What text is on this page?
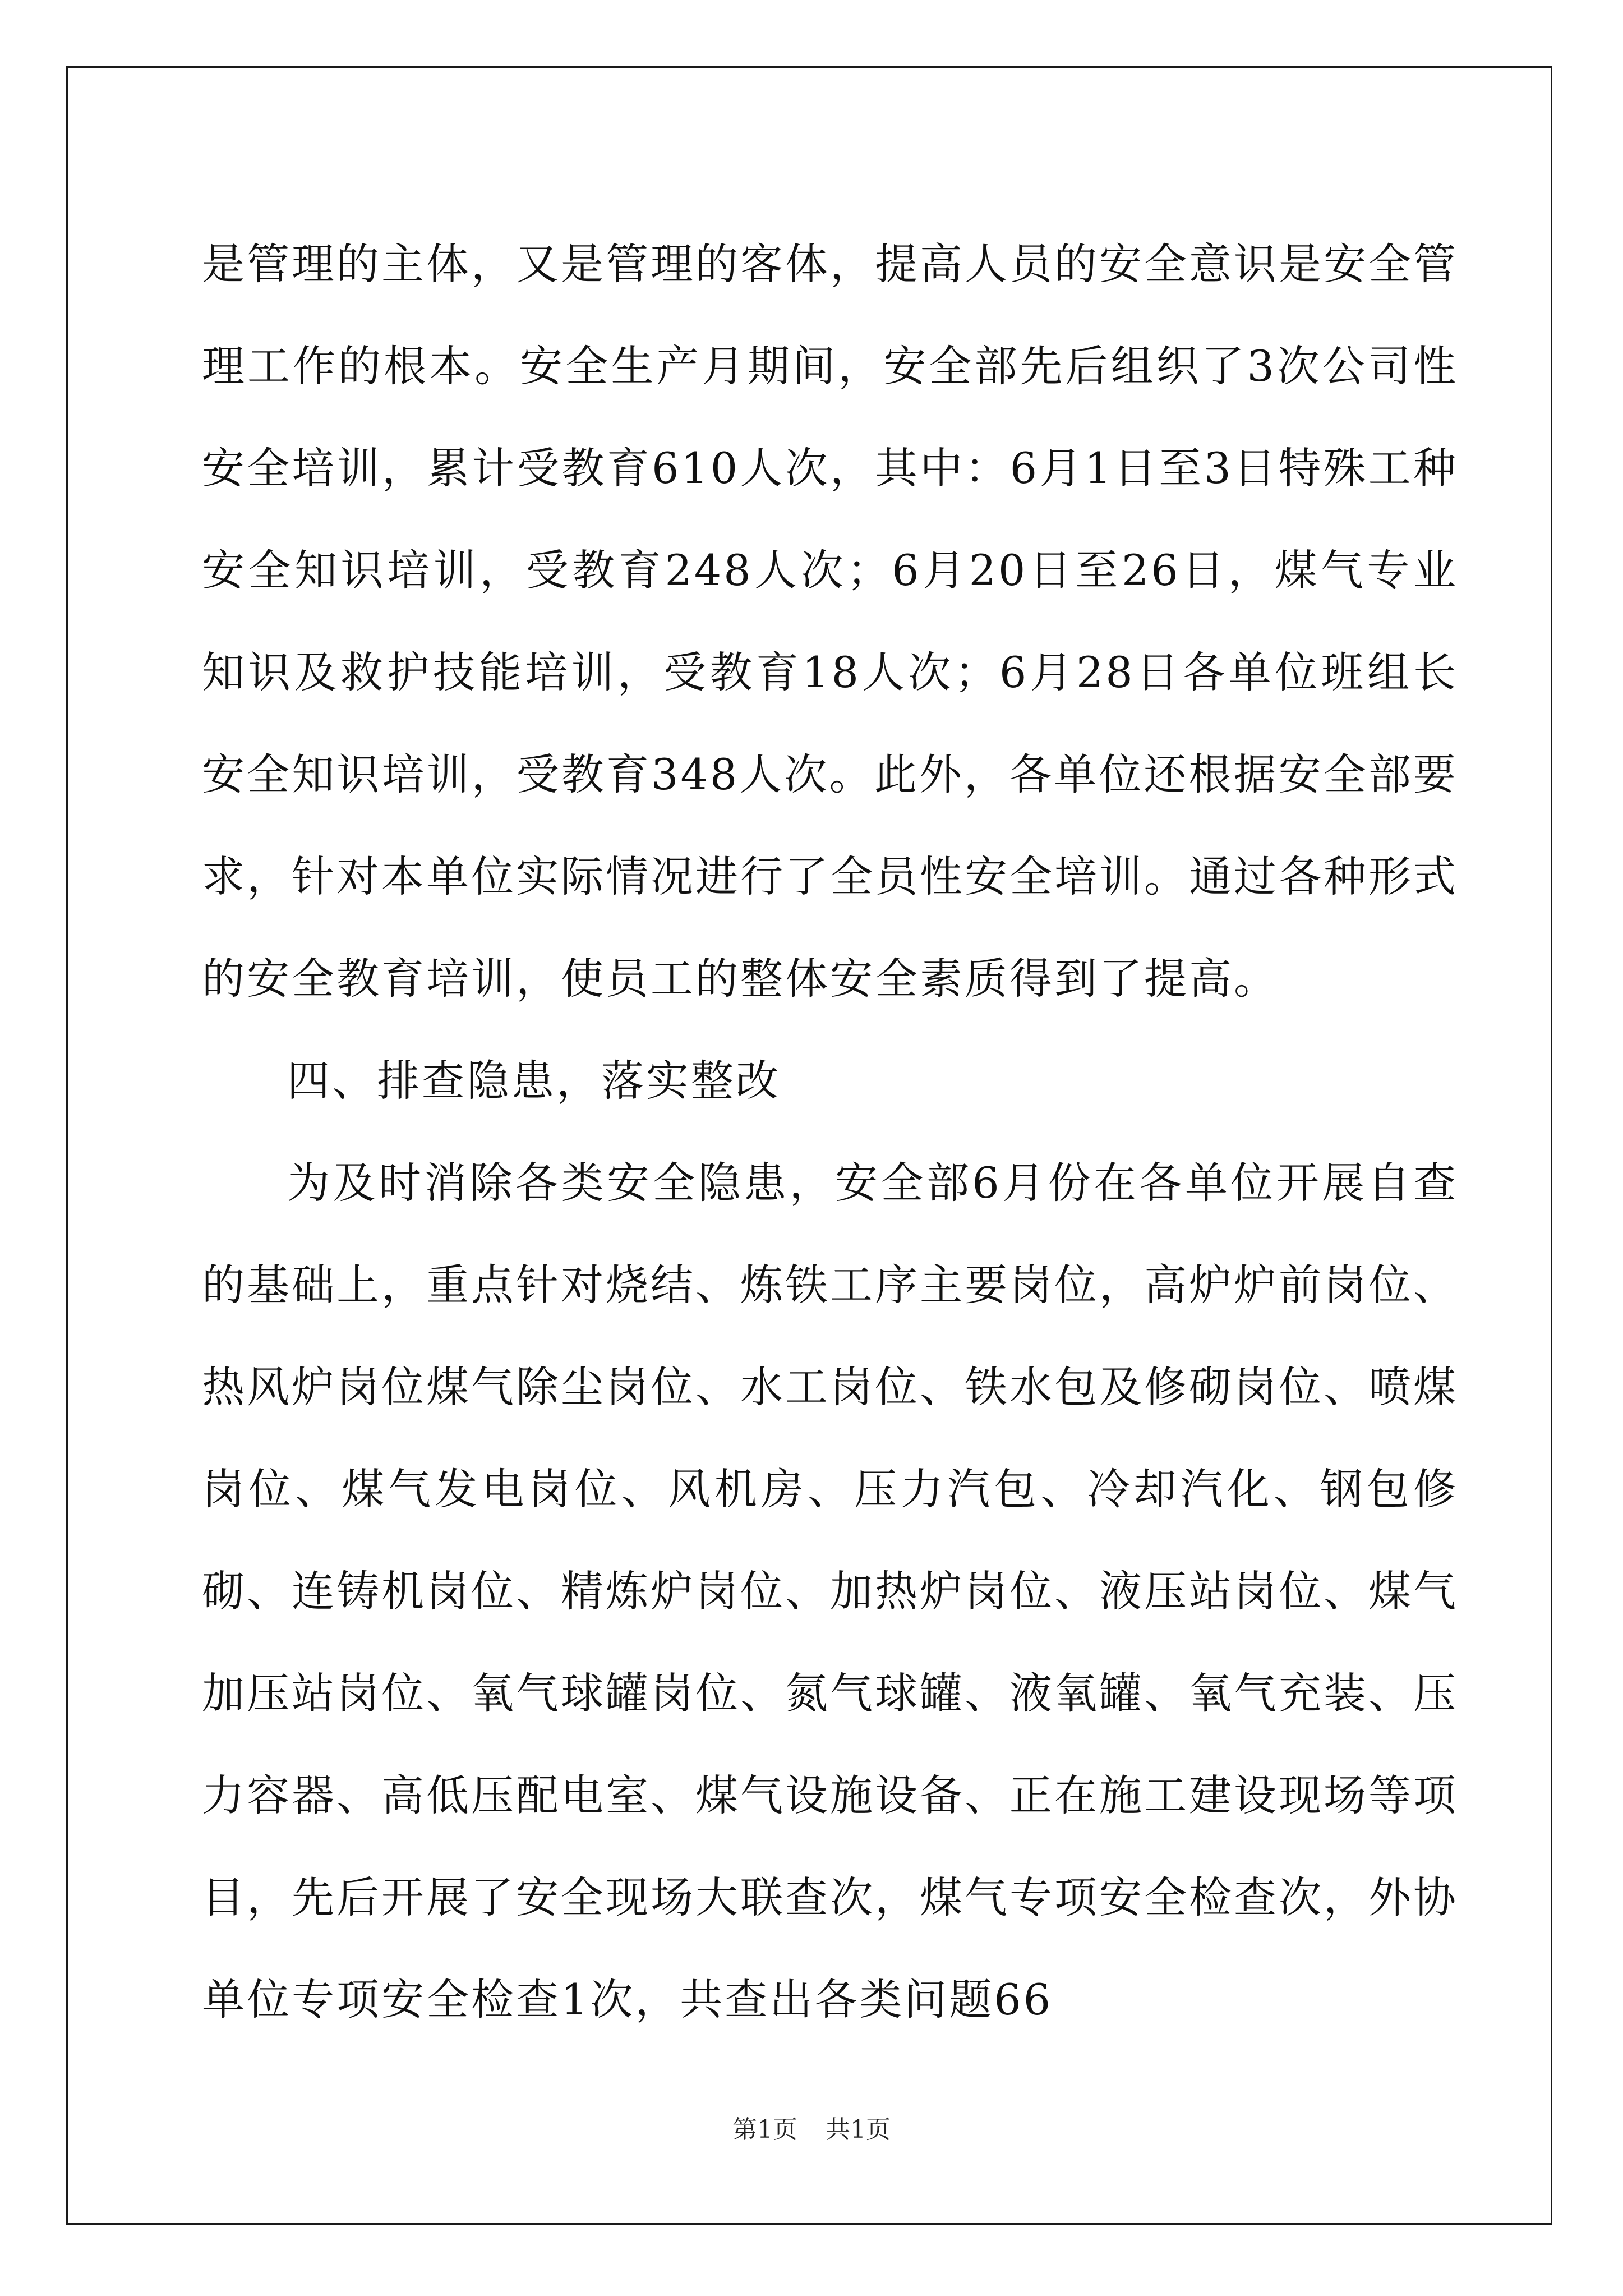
是管理的主体，又是管理的客体，提高人员的安全意识是安全管理工作的根本。安全生产月期间，安全部先后组织了3次公司性安全培训，累计受教育610人次，其中：6月1日至3日特殊工种安全知识培训，受教育248人次；6月20日至26日，煤气专业知识及救护技能培训，受教育18人次；6月28日各单位班组长安全知识培训，受教育348人次。此外，各单位还根据安全部要求，针对本单位实际情况进行了全员性安全培训。通过各种形式的安全教育培训，使员工的整体安全素质得到了提高。

四、排查隐患，落实整改

为及时消除各类安全隐患，安全部6月份在各单位开展自查的基础上，重点针对烧结、炼铁工序主要岗位，高炉炉前岗位、热风炉岗位煤气除尘岗位、水工岗位、铁水包及修砌岗位、喷煤岗位、煤气发电岗位、风机房、压力汽包、冷却汽化、钢包修砌、连铸机岗位、精炼炉岗位、加热炉岗位、液压站岗位、煤气加压站岗位、氧气球罐岗位、氮气球罐、液氧罐、氧气充装、压力容器、高低压配电室、煤气设施设备、正在施工建设现场等项目，先后开展了安全现场大联查次，煤气专项安全检查次，外协单位专项安全检查1次，共查出各类问题66

第1页 共1页
